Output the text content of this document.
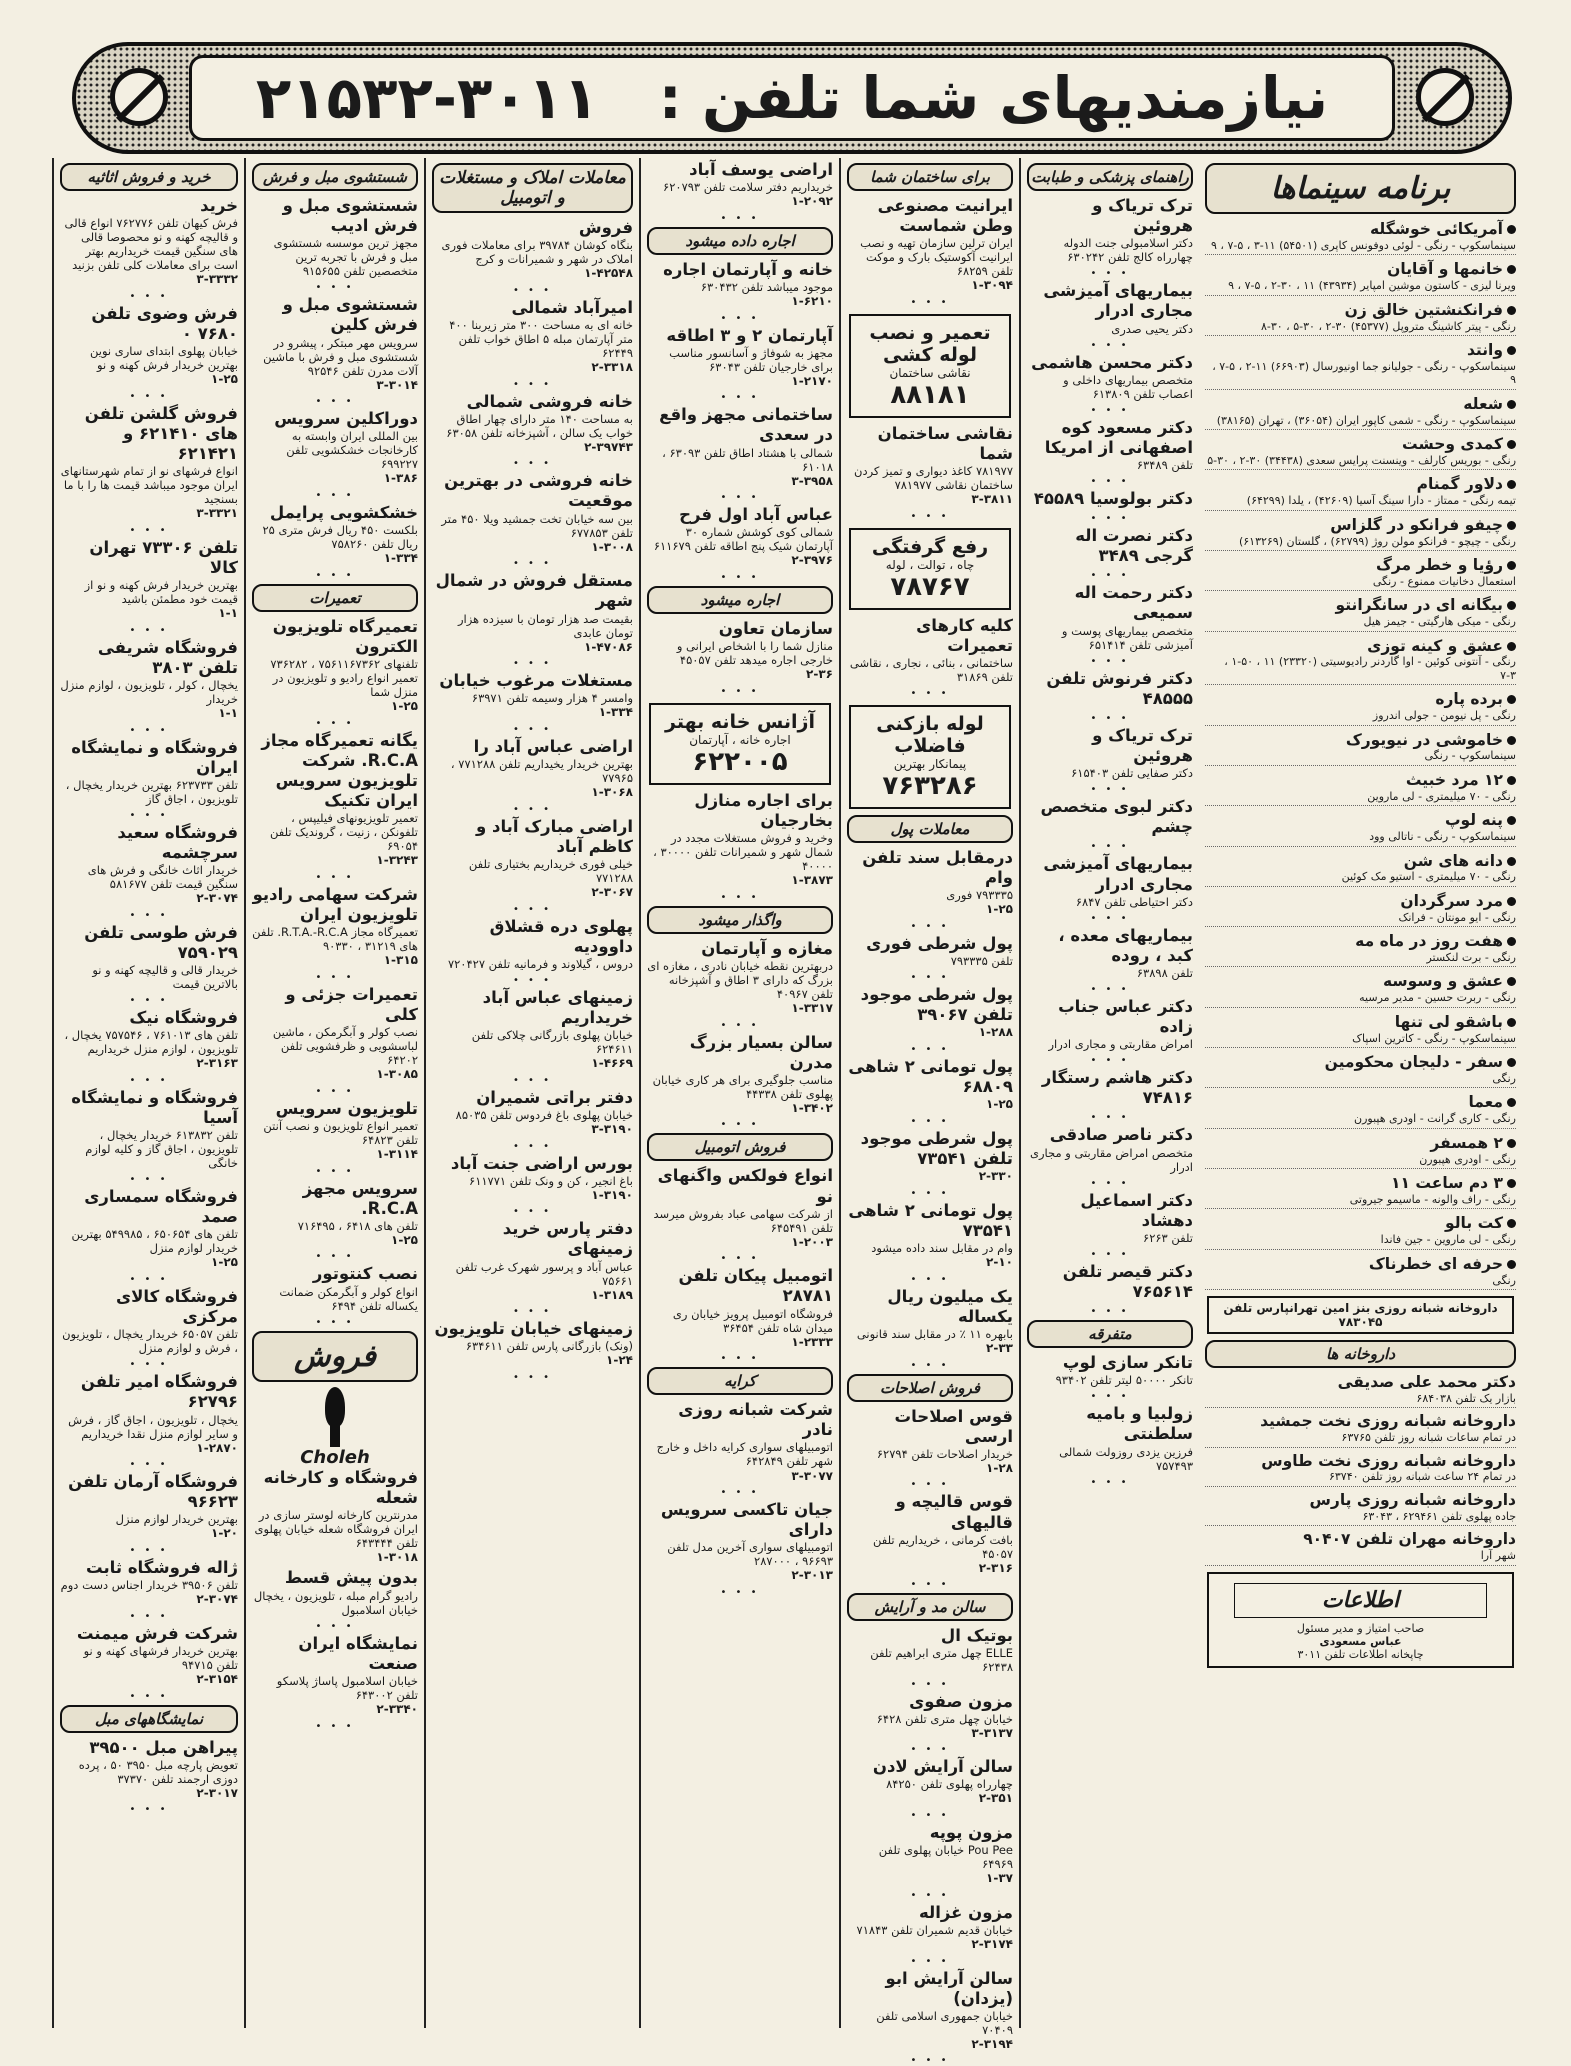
نیازمندیهای شما تلفن :
۲۱۵۳۲-۳۰۱۱
خرید و فروش اثاثیه

خرید

فرش کیهان تلفن ۷۶۲۷۷۶ انواع قالی و قالیچه کهنه و نو محصوصا قالی های سنگین قیمت خریداریم بهتر است برای معاملات کلی تلفن بزنید

۳-۳۳۳۲

• • •

فرش وضوی تلفن ۷۶۸۰ ۰

خیابان پهلوی ابتدای ساری نوین بهترین خریدار فرش کهنه و نو

۱-۲۵

• • •

فروش گلشن تلفن های ۶۲۱۴۱۰ و ۶۲۱۴۲۱

انواع فرشهای نو از تمام شهرستانهای ایران موجود میباشد قیمت ها را با ما بسنجید

۳-۳۳۲۱

• • •

تلفن ۷۳۳۰۶ تهران کالا

بهترین خریدار فرش کهنه و نو از قیمت خود مطمئن باشید

۱-۱

• • •

فروشگاه شریفی تلفن ۳۸۰۳

یخچال ، کولر ، تلویزیون ، لوازم منزل خریدار

۱-۱

• • •

فروشگاه و نمایشگاه ایران

تلفن ۶۲۳۷۳۳ بهترین خریدار یخچال ، تلویزیون ، اجاق گاز

• • •

فروشگاه سعید سرچشمه

خریدار اثاث خانگی و فرش های سنگین قیمت تلفن ۵۸۱۶۷۷

۲-۳۰۷۴

• • •

فرش طوسی تلفن ۷۵۹۰۲۹

خریدار قالی و قالیچه کهنه و نو بالاترین قیمت

• • •

فروشگاه نیک

تلفن های ۷۶۱۰۱۳ ، ۷۵۷۵۴۶ یخچال ، تلویزیون ، لوازم منزل خریداریم

۲-۳۱۶۳

• • •

فروشگاه و نمایشگاه آسیا

تلفن ۶۱۳۸۳۲ خریدار یخچال ، تلویزیون ، اجاق گاز و کلیه لوازم خانگی

• • •

فروشگاه سمساری صمد

تلفن های ۶۵۰۶۵۴ ، ۵۴۹۹۸۵ بهترین خریدار لوازم منزل

۱-۲۵

• • •

فروشگاه کالای مرکزی

تلفن ۶۵۰۵۷ خریدار یخچال ، تلویزیون ، فرش و لوازم منزل

• • •

فروشگاه امیر تلفن ۶۲۷۹۶

یخچال ، تلویزیون ، اجاق گاز ، فرش و سایر لوازم منزل نقدا خریداریم

۱-۲۸۷۰

• • •

فروشگاه آرمان تلفن ۹۶۶۲۳

بهترین خریدار لوازم منزل

۱-۲۰

• • •

ژاله فروشگاه ثابت

تلفن ۳۹۵۰۶ خریدار اجناس دست دوم

۲-۳۰۷۴

• • •

شرکت فرش میمنت

بهترین خریدار فرشهای کهنه و نو تلفن ۹۴۷۱۵

۲-۳۱۵۴

• • •
نمایشگاههای مبل

پیراهن مبل ۳۹۵۰۰

تعویض پارچه مبل ۳۹۵۰ ۵۰ ، پرده دوزی ارجمند تلفن ۳۷۳۷۰

۲-۳۰۱۷

• • •
شستشوی مبل و فرش

شستشوی مبل و فرش ادیب

مجهز ترین موسسه شستشوی مبل و فرش با تجربه ترین متخصصین تلفن ۹۱۵۶۵۵

• • •

شستشوی مبل و فرش کلین

سرویس مهر مبتکر ، پیشرو در شستشوی مبل و فرش با ماشین آلات مدرن تلفن ۹۲۵۴۶

۳-۳۰۱۴

• • •

دوراکلین سرویس

بین المللی ایران وابسته به کارخانجات خشکشویی تلفن ۶۹۹۲۲۷

۱-۳۸۶

• • •

خشکشویی پرایمل

بلکست ۴۵۰ ریال فرش متری ۲۵ ریال تلفن ۷۵۸۲۶۰

۱-۳۳۴

• • •
تعمیرات

تعمیرگاه تلویزیون الکترون

تلفنهای ۷۵۶۱۱۶۷۳۶۲ ، ۷۳۶۲۸۲ تعمیر انواع رادیو و تلویزیون در منزل شما

۱-۲۵

• • •

یگانه تعمیرگاه مجاز R.C.A. شرکت تلویزیون سرویس ایران تکنیک

تعمیر تلویزیونهای فیلیپس ، تلفونکن ، زنیت ، گروندیک تلفن ۶۹۰۵۴

۱-۳۲۴۳

• • •

شرکت سهامی رادیو تلویزیون ایران

تعمیرگاه مجاز R.T.A.-R.C.A. تلفن های ۳۱۲۱۹ ، ۹۰۳۳۰

۱-۳۱۵

• • •

تعمیرات جزئی و کلی

نصب کولر و آبگرمکن ، ماشین لباسشویی و ظرفشویی تلفن ۶۴۲۰۲

۱-۳۰۸۵

• • •

تلویزیون سرویس

تعمیر انواع تلویزیون و نصب آنتن تلفن ۶۴۸۲۳

۱-۳۱۱۴

• • •

سرویس مجهز R.C.A.

تلفن های ۶۴۱۸ ، ۷۱۶۴۹۵

۱-۲۵

• • •

نصب کنتوتور

انواع کولر و آبگرمکن ضمانت یکساله تلفن ۶۴۹۴

• • •
فروش
Choleh

فروشگاه و کارخانه شعله

مدرنترین کارخانه لوستر سازی در ایران فروشگاه شعله خیابان پهلوی تلفن ۶۴۳۴۴۴

۱-۳۰۱۸

بدون پیش قسط

رادیو گرام مبله ، تلویزیون ، یخچال خیابان اسلامبول

• • •

نمایشگاه ایران صنعت

خیابان اسلامبول پاساژ پلاسکو تلفن ۶۴۳۰۰۲

۲-۳۳۴۰

• • •
معاملات املاک و مستغلات و اتومبیل

فروش

بنگاه کوشان ۳۹۷۸۴ برای معاملات فوری املاک در شهر و شمیرانات و کرج

۱-۴۲۵۴۸

• • •

امیرآباد شمالی

خانه ای به مساحت ۳۰۰ متر زیربنا ۴۰۰ متر آپارتمان مبله ۵ اطاق خواب تلفن ۶۲۴۴۹

۲-۳۳۱۸

• • •

خانه فروشی شمالی

به مساحت ۱۴۰ متر دارای چهار اطاق خواب یک سالن ، آشپزخانه تلفن ۶۳۰۵۸

۲-۳۹۷۴۳

• • •

خانه فروشی در بهترین موقعیت

بین سه خیابان تخت جمشید ویلا ۴۵۰ متر تلفن ۶۷۷۸۵۳

۱-۳۰۰۸

• • •

مستقل فروش در شمال شهر

بقیمت صد هزار تومان با سیزده هزار تومان عابدی

۱-۴۷۰۸۶

• • •

مستغلات مرغوب خیابان

وامسر ۴ هزار وسیمه تلفن ۶۳۹۷۱

۱-۳۳۴

• • •

اراضی عباس آباد را

بهترین خریدار یخیداریم تلفن ۷۷۱۲۸۸ ، ۷۷۹۶۵

۱-۳۰۶۸

• • •

اراضی مبارک آباد و کاظم آباد

خیلی فوری خریداریم بختیاری تلفن ۷۷۱۲۸۸

۲-۳۰۶۷

• • •

پهلوی دره قشلاق داوودیه

دروس ، گیلاوند و فرمانیه تلفن ۷۲۰۴۲۷

• • •

زمینهای عباس آباد خریداریم

خیابان پهلوی بازرگانی چلاکی تلفن ۶۲۴۶۱۱

۱-۴۶۶۹

• • •

دفتر براتی شمیران

خیابان پهلوی باغ فردوس تلفن ۸۵۰۳۵

۳-۳۱۹۰

• • •

بورس اراضی جنت آباد

باغ انجیر ، کن و ونک تلفن ۶۱۱۷۷۱

۱-۳۱۹۰

• • •

دفتر پارس خرید زمینهای

عباس آباد و پرسور شهرک غرب تلفن ۷۵۶۶۱

۱-۳۱۸۹

• • •

زمینهای خیابان تلویزیون

(ونک) بازرگانی پارس تلفن ۶۳۴۶۱۱

۱-۲۴

• • •

اراضی یوسف آباد

خریداریم دفتر سلامت تلفن ۶۲۰۷۹۳

۱-۲۰۹۲

• • •
اجاره داده میشود

خانه و آپارتمان اجاره

موجود میباشد تلفن ۶۳۰۴۳۲

۱-۶۲۱۰

• • •

آپارتمان ۲ و ۳ اطاقه

مجهز به شوفاژ و آسانسور مناسب برای خارجیان تلفن ۶۳۰۴۳

۱-۲۱۷۰

• • •

ساختمانی مجهز واقع در سعدی

شمالی با هشتاد اطاق تلفن ۶۳۰۹۳ ، ۶۱۰۱۸

۳-۳۹۵۸

• • •

عباس آباد اول فرح

شمالی کوی کوشش شماره ۳۰ آپارتمان شیک پنج اطاقه تلفن ۶۱۱۶۷۹

۲-۳۹۷۶

• • •
اجاره میشود

سازمان تعاون

منازل شما را با اشخاص ایرانی و خارجی اجاره میدهد تلفن ۴۵۰۵۷

۲-۳۶

• • •

آژانس خانه بهتر

اجاره خانه ، آپارتمان

۶۲۲۰۰۵

برای اجاره منازل بخارجیان

وخرید و فروش مستغلات مجدد در شمال شهر و شمیرانات تلفن ۳۰۰۰۰ ، ۴۰۰۰۰

۱-۳۸۷۳

• • •
واگذار میشود

مغازه و آپارتمان

دربهترین نقطه خیابان نادری ، مغازه ای بزرگ که دارای ۳ اطاق و آشپزخانه تلفن ۴۰۹۶۷

۱-۳۳۱۷

• • •

سالن بسیار بزرگ مدرن

مناسب جلوگیری برای هر کاری خیابان پهلوی تلفن ۴۴۳۳۸

۱-۳۴۰۲

• • •
فروش اتومبیل

انواع فولکس واگنهای نو

از شرکت سهامی عباد بفروش میرسد تلفن ۶۴۵۴۹۱

۱-۲۰۰۳

• • •

اتومبیل پیکان تلفن ۲۸۷۸۱

فروشگاه اتومبیل پرویز خیابان ری میدان شاه تلفن ۳۶۴۵۴

۱-۲۳۳۳

• • •
کرایه

شرکت شبانه روزی نادر

اتومبیلهای سواری کرایه داخل و خارج شهر تلفن ۶۴۲۸۴۹

۳-۳۰۷۷

• • •

جیان تاکسی سرویس دارای

اتومبیلهای سواری آخرین مدل تلفن ۹۶۶۹۳ ، ۲۸۷۰۰۰

۲-۳۰۱۳

• • •
برای ساختمان شما

ایرانیت مصنوعی وطن شماست

ایران ترلین سازمان تهیه و نصب ایرانیت آکوستیک بارک و موکت تلفن ۶۸۲۵۹

۱-۳۰۹۴

• • •

تعمیر و نصب لوله کشی

نقاشی ساختمان

۸۸۱۸۱

نقاشی ساختمان شما

۷۸۱۹۷۷ کاغذ دیواری و تمیز کردن ساختمان نقاشی ۷۸۱۹۷۷

۳-۳۸۱۱

• • •

رفع گرفتگی

چاه ، توالت ، لوله

۷۸۷۶۷

کلیه کارهای تعمیرات

ساختمانی ، بنائی ، نجاری ، نقاشی تلفن ۳۱۸۶۹

• • •

لوله بازکنی فاضلاب

پیمانکار بهترین

۷۶۳۲۸۶

معاملات پول

درمقابل سند تلفن وام

۷۹۳۳۳۵ فوری

۱-۲۵

• • •

پول شرطی فوری

تلفن ۷۹۳۳۳۵

• • •

پول شرطی موجود تلفن ۳۹۰۶۷

۱-۲۸۸

• • •

پول تومانی ۲ شاهی ۶۸۸۰۹

۱-۲۵

• • •

پول شرطی موجود تلفن ۷۳۵۴۱

۲-۳۳۰

• • •

پول تومانی ۲ شاهی ۷۳۵۴۱

وام در مقابل سند داده میشود

۲-۱۰

• • •

یک میلیون ریال یکساله

بابهره ۱۱ ٪ در مقابل سند قانونی

۲-۳۳

• • •
فروش اصلاحات

قوس اصلاحات ارسی

خریدار اصلاحات تلفن ۶۲۷۹۴

۱-۲۸

• • •

قوس قالیچه و قالیهای

بافت کرمانی ، خریداریم تلفن ۴۵۰۵۷

۲-۳۱۶

• • •
سالن مد و آرایش

بوتیک ال

ELLE چهل متری ابراهیم تلفن ۶۲۴۳۸

• • •

مزون صفوی

خیابان چهل متری تلفن ۶۴۲۸

۳-۳۱۳۷

• • •

سالن آرایش لادن

چهارراه پهلوی تلفن ۸۴۲۵۰

۲-۳۵۱

• • •

مزون پوپه

Pou Pee خیابان پهلوی تلفن ۶۴۹۶۹

۱-۳۷

• • •

مزون غزاله

خیابان قدیم شمیران تلفن ۷۱۸۴۳

۲-۳۱۷۴

• • •

سالن آرایش ابو (یزدان)

خیابان جمهوری اسلامی تلفن ۷۰۴۰۹

۲-۳۱۹۴

• • •
راهنمای پزشکی و طبابت

ترک تریاک و هروئین

دکتر اسلامبولی جنت الدوله چهارراه کالج تلفن ۶۳۰۲۴۲

• • •

بیماریهای آمیزشی مجاری ادرار

دکتر یحیی صدری

• • •

دکتر محسن هاشمی

متخصص بیماریهای داخلی و اعصاب تلفن ۶۱۳۸۰۹

• • •

دکتر مسعود کوه اصفهانی از امریکا

تلفن ۶۳۴۸۹

• • •

دکتر بولوسیا ۴۵۵۸۹

• • •

دکتر نصرت اله گرجی ۳۴۸۹

• • •

دکتر رحمت اله سمیعی

متخصص بیماریهای پوست و آمیزشی تلفن ۶۵۱۴۱۴

• • •

دکتر فرنوش تلفن ۴۸۵۵۵

• • •

ترک تریاک و هروئین

دکتر صفایی تلفن ۶۱۵۴۰۳

• • •

دکتر لبوی متخصص چشم

• • •

بیماریهای آمیزشی مجاری ادرار

دکتر احتیاطی تلفن ۶۸۴۷

• • •

بیماریهای معده ، کبد ، روده

تلفن ۶۳۸۹۸

• • •

دکتر عباس جناب زاده

امراض مقاربتی و مجاری ادرار

• • •

دکتر هاشم رستگار ۷۴۸۱۶

• • •

دکتر ناصر صادقی

متخصص امراض مقاربتی و مجاری ادرار

• • •

دکتر اسماعیل دهشاد

تلفن ۶۲۶۳

• • •

دکتر قیصر تلفن ۷۶۵۶۱۴

• • •
متفرقه

تانکر سازی لوپ

تانکر ۵۰۰۰۰ لیتر تلفن ۹۳۴۰۲

• • •

زولبیا و بامیه سلطنتی

فرزین یزدی روزولت شمالی ۷۵۷۴۹۳

• • •
برنامه سینماها

آمریکائی خوشگله

سینماسکوپ - رنگی - لوئی دوفونس کاپری (۵۴۵۰۱) ۱۱-۳ ، ۵-۷ ، ۹

خانمها و آقایان

ویرنا لیزی - کاستون موشین امپایر (۴۳۹۳۴) ۱۱ ، ۳۰-۲ ، ۵-۷ ، ۹

فرانکنشتین خالق زن

رنگی - پیتر کاشینگ متروپل (۴۵۳۷۷) ۳۰-۲ ، ۳۰-۵ ، ۳۰-۸

وانتد

سینماسکوپ - رنگی - جولیانو جما اونیورسال (۶۶۹۰۳) ۱۱-۲ ، ۵-۷ ، ۹

شعله

سینماسکوپ - رنگی - شمی کاپور ایران (۳۶۰۵۴) ، تهران (۳۸۱۶۵)

کمدی وحشت

رنگی - بوریس کارلف - وینسنت پرایس سعدی (۳۴۴۳۸) ۳۰-۲ ، ۳۰-۵

دلاور گمنام

تیمه رنگی - ممتاز - دارا سینگ آسیا (۴۲۶۰۹) ، یلدا (۶۴۲۹۹)

چیفو فرانکو در گلزاس

رنگی - چیچو - فرانکو مولن روژ (۶۲۷۹۹) ، گلستان (۶۱۳۲۶۹)

رؤیا و خطر مرگ

استعمال دخانیات ممنوع - رنگی

بیگانه ای در سانگرانتو

رنگی - میکی هارگیتی - جیمز هیل

عشق و کینه توزی

رنگی - آنتونی کوئین - اوا گاردنر رادیوسیتی (۲۳۳۲۰) ۱۱ ، ۵۰-۱ ، ۳-۷

برده پاره

رنگی - پل نیومن - جولی اندروز

خاموشی در نیویورک

سینماسکوپ - رنگی

۱۲ مرد خبیث

رنگی - ۷۰ میلیمتری - لی ماروین

پنه لوپ

سینماسکوپ - رنگی - ناتالی وود

دانه های شن

رنگی - ۷۰ میلیمتری - استیو مک کوئین

مرد سرگردان

رنگی - ایو مونتان - فرانک

هفت روز در ماه مه

رنگی - برت لنکستر

عشق و وسوسه

رنگی - ربرت حسین - مدیر مرسیه

باشقو لی تنها

سینماسکوپ - رنگی - کاترین اسپاک

سفر - دلیجان محکومین

رنگی

معما

رنگی - کاری گرانت - اودری هپبورن

۲ همسفر

رنگی - اودری هپبورن

۳ دم ساعت ۱۱

رنگی - راف والونه - ماسیمو جیروتی

کت بالو

رنگی - لی ماروین - جین فاندا

حرفه ای خطرناک

رنگی

داروخانه شبانه روزی بنز امین تهرانپارس تلفن ۷۸۳۰۴۵

داروخانه ها

دکتر محمد علی صدیقی

بازار یک تلفن ۶۸۴۰۳۸

داروخانه شبانه روزی نخت جمشید

در تمام ساعات شبانه روز تلفن ۶۳۷۶۵

داروخانه شبانه روزی نخت طاوس

در تمام ۲۴ ساعت شبانه روز تلفن ۶۳۷۴۰

داروخانه شبانه روزی پارس

جاده پهلوی تلفن ۶۲۹۴۶۱ ، ۶۳۰۴۳

داروخانه مهران تلفن ۹۰۴۰۷

شهر آرا

اطلاعات

صاحب امتیاز و مدیر مسئول

عباس مسعودی

چاپخانه اطلاعات تلفن ۳۰۱۱
